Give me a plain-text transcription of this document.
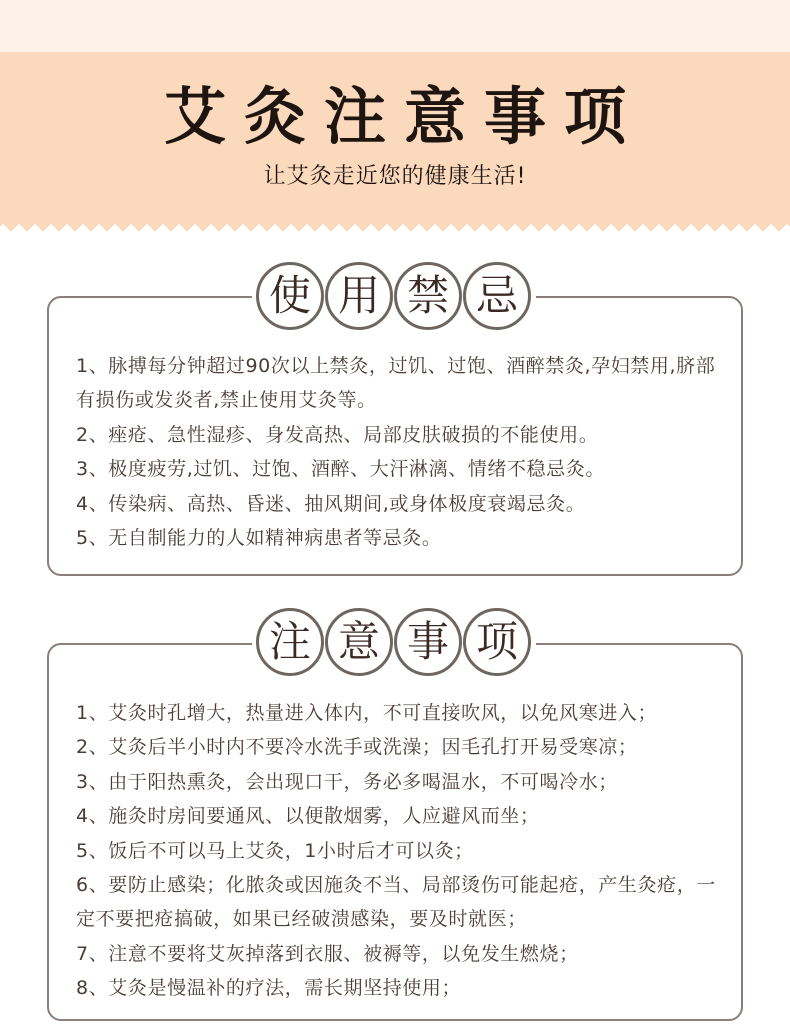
艾灸注意事项
让艾灸走近您的健康生活!
使 用 禁 忌
1、脉搏每分钟超过90次以上禁灸，过饥、过饱、酒醉禁灸,孕妇禁用,脐部有损伤或发炎者,禁止使用艾灸等。
2、痤疮、急性湿疹、身发高热、局部皮肤破损的不能使用。
3、极度疲劳,过饥、过饱、酒醉、大汗淋漓、情绪不稳忌灸。
4、传染病、高热、昏迷、抽风期间,或身体极度衰竭忌灸。
5、无自制能力的人如精神病患者等忌灸。
注 意 事 项
1、艾灸时孔增大，热量进入体内，不可直接吹风，以免风寒进入；
2、艾灸后半小时内不要冷水洗手或洗澡；因毛孔打开易受寒凉；
3、由于阳热熏灸，会出现口干，务必多喝温水，不可喝冷水；
4、施灸时房间要通风、以便散烟雾，人应避风而坐；
5、饭后不可以马上艾灸，1小时后才可以灸；
6、要防止感染；化脓灸或因施灸不当、局部烫伤可能起疮，产生灸疮，一定不要把疮搞破，如果已经破溃感染，要及时就医；
7、注意不要将艾灰掉落到衣服、被褥等，以免发生燃烧；
8、艾灸是慢温补的疗法，需长期坚持使用；
